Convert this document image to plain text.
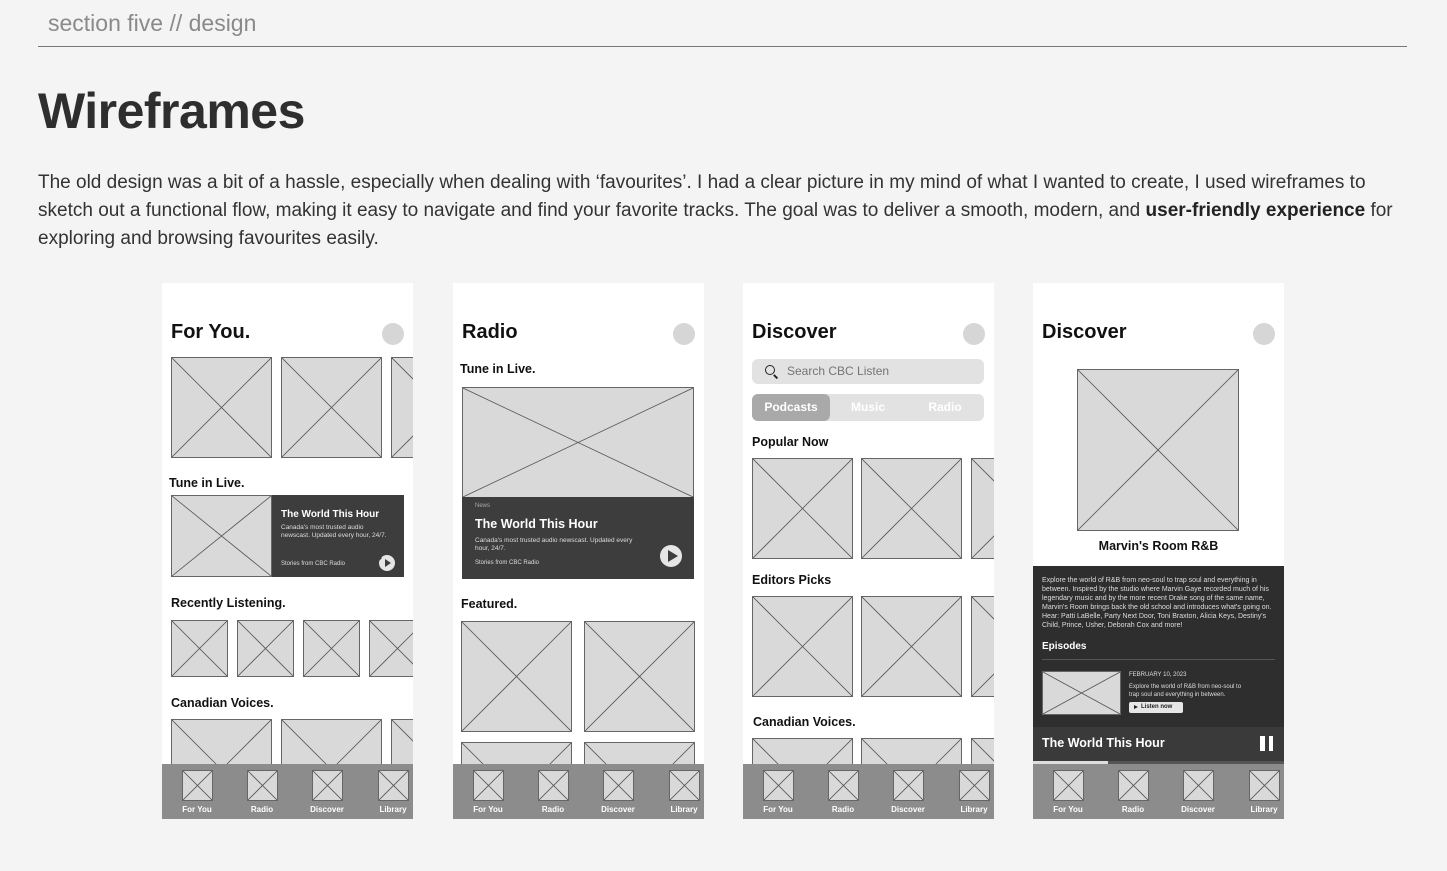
section five // design
Wireframes

The old design was a bit of a hassle, especially when dealing with ‘favourites’. I had a clear picture in my mind of what I wanted to create, I used wireframes to sketch out a functional flow, making it easy to navigate and find your favorite tracks. The goal was to deliver a smooth, modern, and user-friendly experience for exploring and browsing favourites easily.

For You.
Tune in Live.
The World This Hour
Canada's most trusted audio newscast. Updated every hour, 24/7.
Stories from CBC Radio
Recently Listening.
Canadian Voices.
For You	Radio	Discover	Library
Radio
Tune in Live.
News
The World This Hour
Canada's most trusted audio newscast. Updated every hour, 24/7.
Stories from CBC Radio
Featured.
For You	Radio	Discover	Library
Discover
Search CBC Listen
Podcasts	Music	Radio
Popular Now
Editors Picks
Canadian Voices.
For You	Radio	Discover	Library
Discover
Marvin's Room R&B
Explore the world of R&B from neo-soul to trap soul and everything in between. Inspired by the studio where Marvin Gaye recorded much of his legendary music and by the more recent Drake song of the same name, Marvin's Room brings back the old school and introduces what's going on. Hear: Patti LaBelle, Party Next Door, Toni Braxton, Alicia Keys, Destiny's Child, Prince, Usher, Deborah Cox and more!
Episodes
FEBRUARY 10, 2023
Explore the world of R&B from neo-soul to trap soul and everything in between.
Listen now
The World This Hour
For You	Radio	Discover	Library
